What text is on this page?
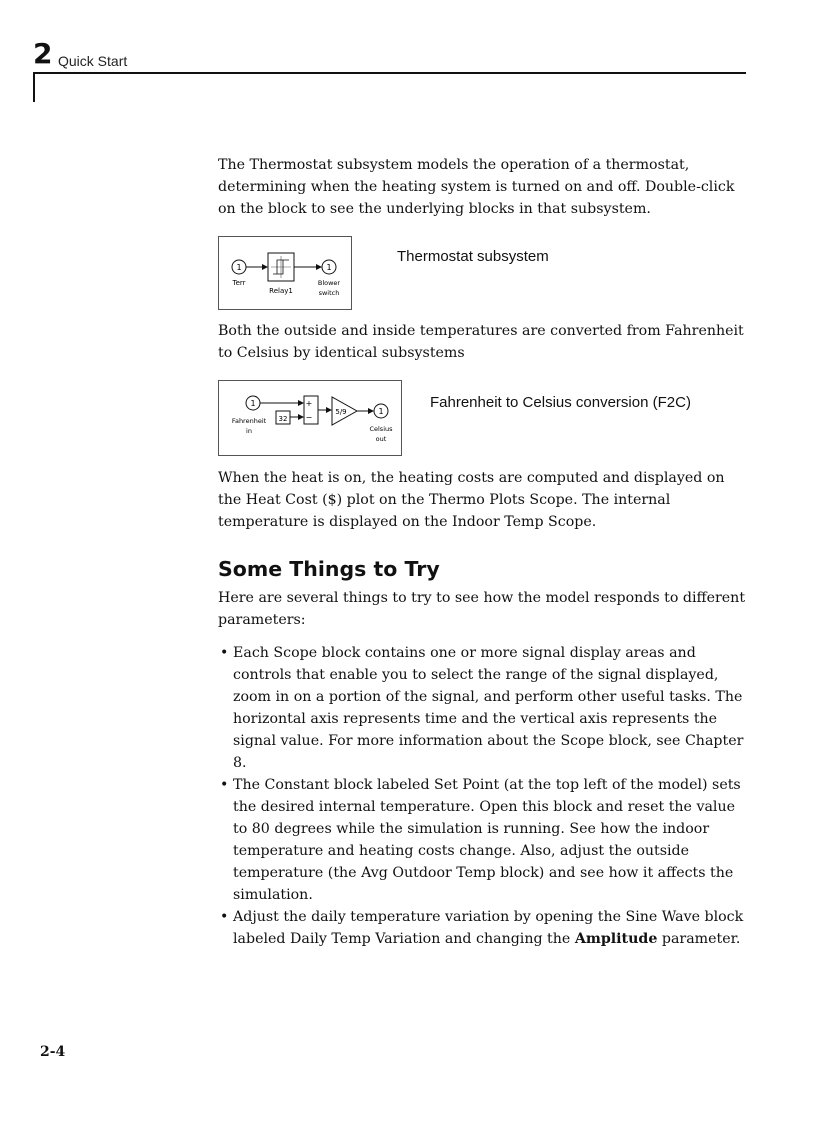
2 Quick Start

The Thermostat subsystem models the operation of a thermostat, determining when the heating system is turned on and off. Double-click on the block to see the underlying blocks in that subsystem.

1
Terr
Relay1
1
Blower
switch
Thermostat subsystem

Both the outside and inside temperatures are converted from Fahrenheit to Celsius by identical subsystems

1
Fahrenheit
in
32
+
−
5/9	1
Celsius
out
Fahrenheit to Celsius conversion (F2C)

When the heat is on, the heating costs are computed and displayed on the Heat Cost ($) plot on the Thermo Plots Scope. The internal temperature is displayed on the Indoor Temp Scope.

Some Things to Try

Here are several things to try to see how the model responds to different parameters:

• Each Scope block contains one or more signal display areas and controls that enable you to select the range of the signal displayed, zoom in on a portion of the signal, and perform other useful tasks. The horizontal axis represents time and the vertical axis represents the signal value. For more information about the Scope block, see Chapter 8.
• The Constant block labeled Set Point (at the top left of the model) sets the desired internal temperature. Open this block and reset the value to 80 degrees while the simulation is running. See how the indoor temperature and heating costs change. Also, adjust the outside temperature (the Avg Outdoor Temp block) and see how it affects the simulation.
• Adjust the daily temperature variation by opening the Sine Wave block labeled Daily Temp Variation and changing the Amplitude parameter.
2-4
